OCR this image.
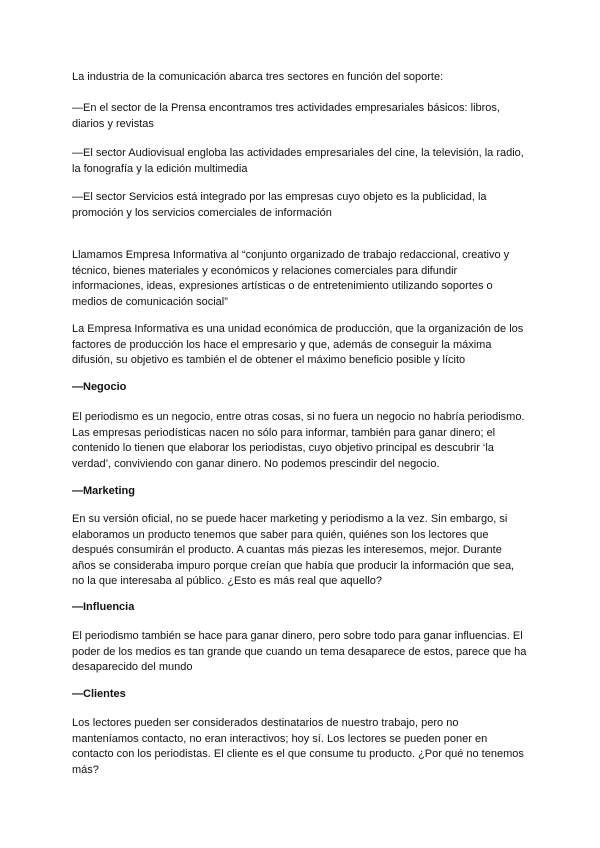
La industria de la comunicación abarca tres sectores en función del soporte:

—En el sector de la Prensa encontramos tres actividades empresariales básicos: libros, diarios y revistas

—El sector Audiovisual engloba las actividades empresariales del cine, la televisión, la radio, la fonografía y la edición multimedia

—El sector Servicios está integrado por las empresas cuyo objeto es la publicidad, la promoción y los servicios comerciales de información

Llamamos Empresa Informativa al “conjunto organizado de trabajo redaccional, creativo y técnico, bienes materiales y económicos y relaciones comerciales para difundir informaciones, ideas, expresiones artísticas o de entretenimiento utilizando soportes o medios de comunicación social”

La Empresa Informativa es una unidad económica de producción, que la organización de los factores de producción los hace el empresario y que, además de conseguir la máxima difusión, su objetivo es también el de obtener el máximo beneficio posible y lícito

—Negocio

El periodismo es un negocio, entre otras cosas, si no fuera un negocio no habría periodismo. Las empresas periodísticas nacen no sólo para informar, también para ganar dinero; el contenido lo tienen que elaborar los periodistas, cuyo objetivo principal es descubrir ‘la verdad’, conviviendo con ganar dinero. No podemos prescindir del negocio.

—Marketing

En su versión oficial, no se puede hacer marketing y periodismo a la vez. Sin embargo, si elaboramos un producto tenemos que saber para quién, quiénes son los lectores que después consumirán el producto. A cuantas más piezas les interesemos, mejor. Durante años se consideraba impuro porque creían que había que producir la información que sea, no la que interesaba al público. ¿Esto es más real que aquello?

—Influencia

El periodismo también se hace para ganar dinero, pero sobre todo para ganar influencias. El poder de los medios es tan grande que cuando un tema desaparece de estos, parece que ha desaparecido del mundo

—Clientes

Los lectores pueden ser considerados destinatarios de nuestro trabajo, pero no manteníamos contacto, no eran interactivos; hoy sí. Los lectores se pueden poner en contacto con los periodistas. El cliente es el que consume tu producto. ¿Por qué no tenemos más?
